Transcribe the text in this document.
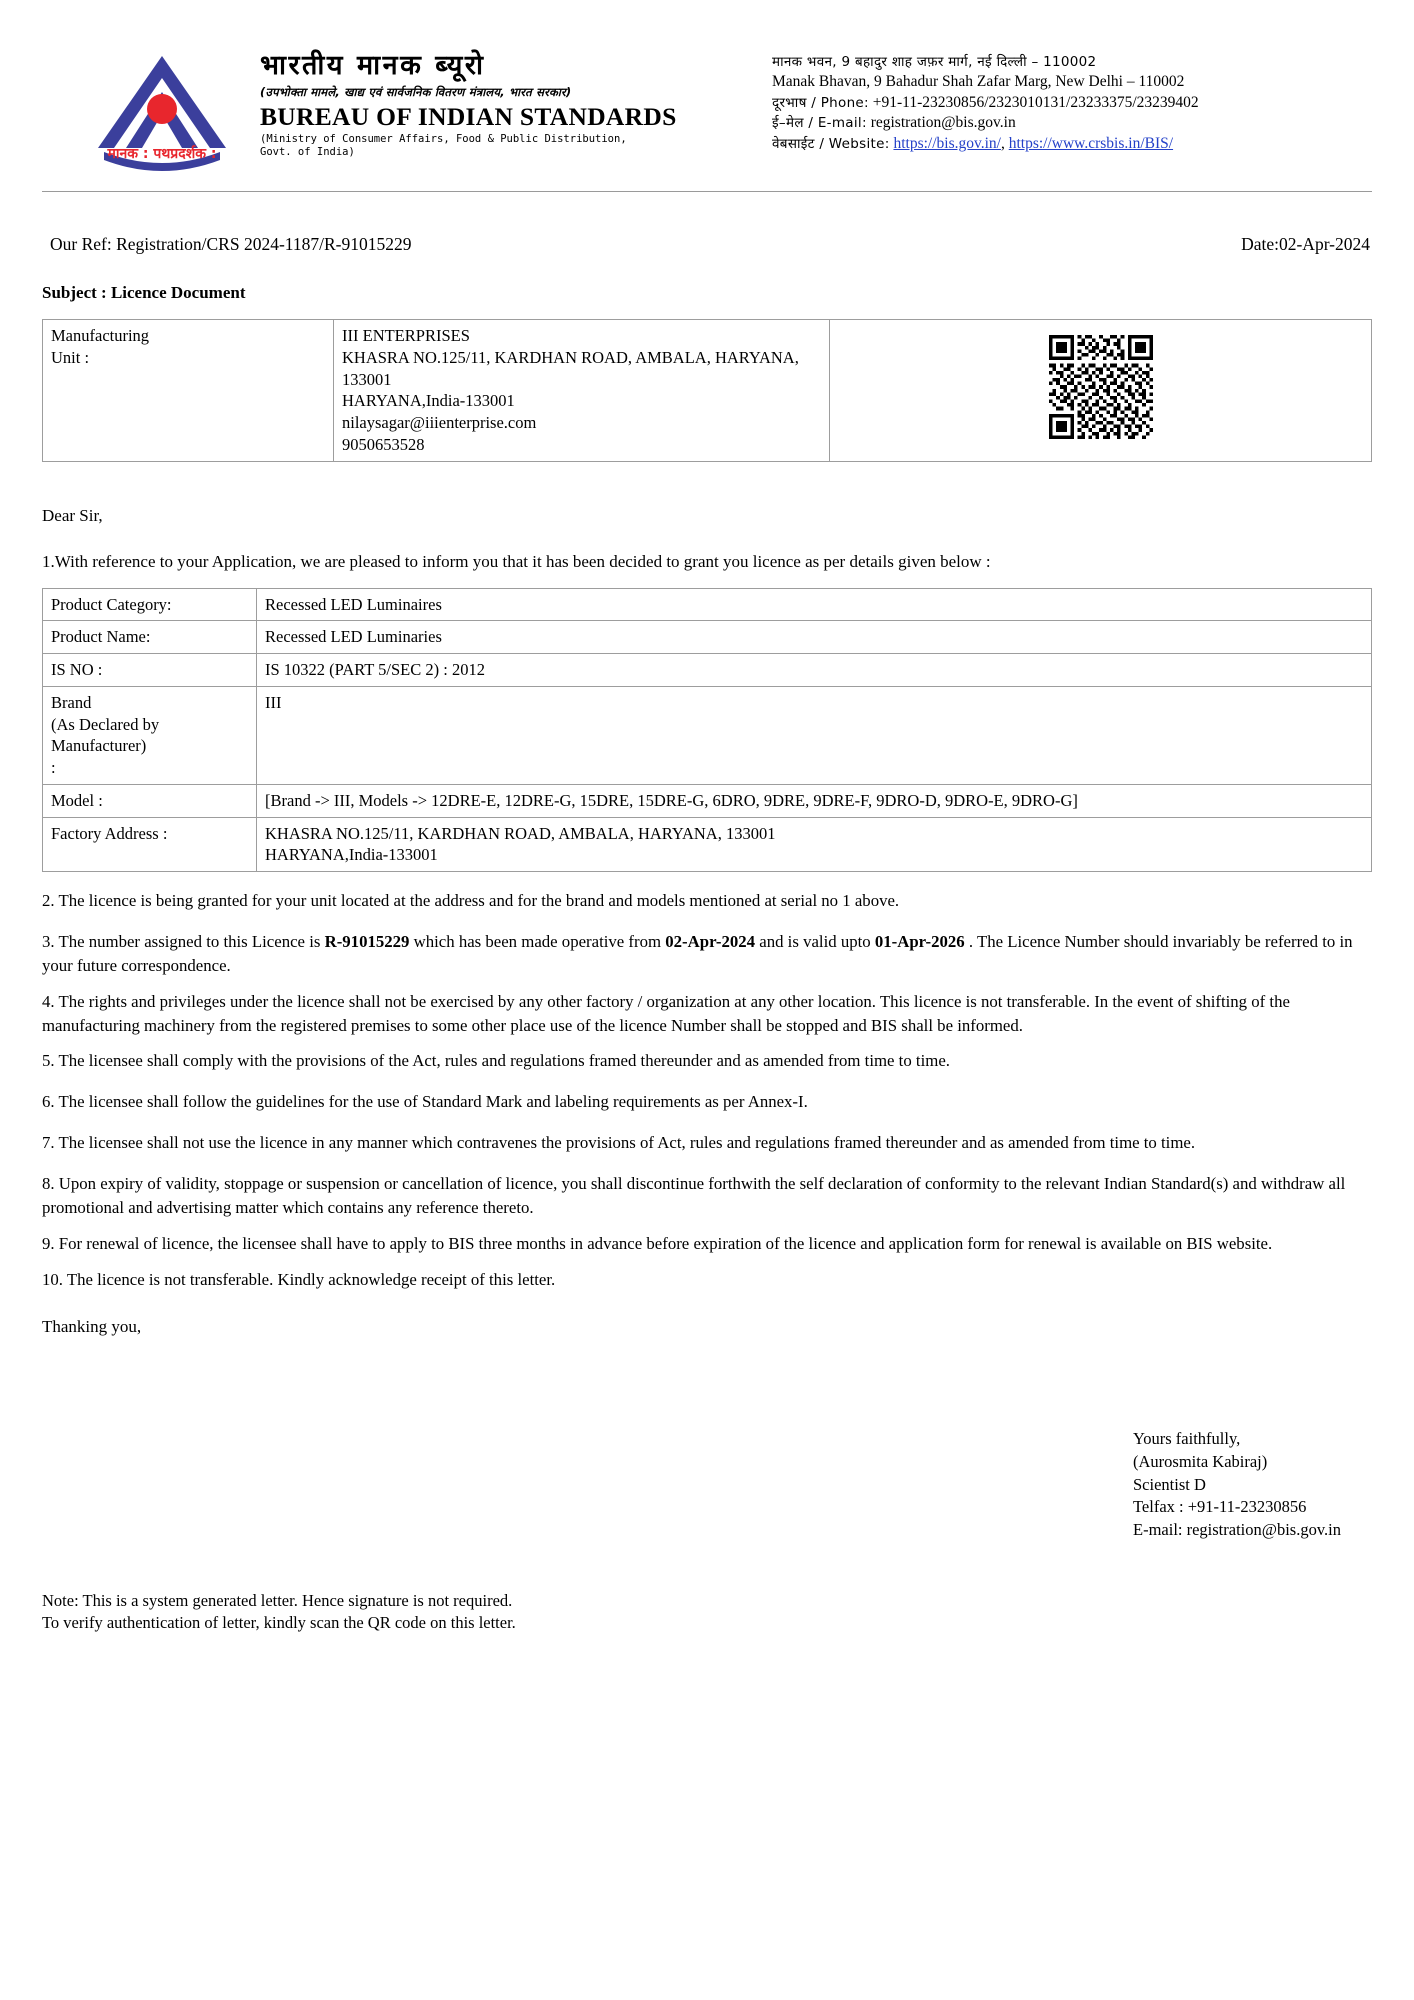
मानक : पथप्रदर्शक :
भारतीय मानक ब्यूरो
(उपभोक्ता मामले, खाद्य एवं सार्वजनिक वितरण मंत्रालय, भारत सरकार)
BUREAU OF INDIAN STANDARDS
(Ministry of Consumer Affairs, Food & Public Distribution,
Govt. of India)
मानक भवन, 9 बहादुर शाह जफ़र मार्ग, नई दिल्ली – 110002
Manak Bhavan, 9 Bahadur Shah Zafar Marg, New Delhi – 110002
दूरभाष / Phone: +91-11-23230856/2323010131/23233375/23239402
ई–मेल / E-mail: registration@bis.gov.in
वेबसाईट / Website: https://bis.gov.in/, https://www.crsbis.in/BIS/
Our Ref: Registration/CRS 2024-1187/R-91015229	Date:02-Apr-2024
Subject : Licence Document
Manufacturing
Unit :

III ENTERPRISES
KHASRA NO.125/11, KARDHAN ROAD, AMBALA, HARYANA, 133001
HARYANA,India-133001
nilaysagar@iiienterprise.com
9050653528

Dear Sir,
1.With reference to your Application, we are pleased to inform you that it has been decided to grant you licence as per details given below :
Product Category:	Recessed LED Luminaires
Product Name:	Recessed LED Luminaries
IS NO :	IS 10322 (PART 5/SEC 2) : 2012

Brand
(As Declared by Manufacturer)
:	III
Model :	[Brand -> III, Models -> 12DRE-E, 12DRE-G, 15DRE, 15DRE-G, 6DRO, 9DRE, 9DRE-F, 9DRO-D, 9DRO-E, 9DRO-G]
Factory Address :	KHASRA NO.125/11, KARDHAN ROAD, AMBALA, HARYANA, 133001
HARYANA,India-133001
2. The licence is being granted for your unit located at the address and for the brand and models mentioned at serial no 1 above.
3. The number assigned to this Licence is R-91015229 which has been made operative from 02-Apr-2024 and is valid upto 01-Apr-2026 . The Licence Number should invariably be referred to in your future correspondence.
4. The rights and privileges under the licence shall not be exercised by any other factory / organization at any other location. This licence is not transferable. In the event of shifting of the manufacturing machinery from the registered premises to some other place use of the licence Number shall be stopped and BIS shall be informed.
5. The licensee shall comply with the provisions of the Act, rules and regulations framed thereunder and as amended from time to time.
6. The licensee shall follow the guidelines for the use of Standard Mark and labeling requirements as per Annex-I.
7. The licensee shall not use the licence in any manner which contravenes the provisions of Act, rules and regulations framed thereunder and as amended from time to time.
8. Upon expiry of validity, stoppage or suspension or cancellation of licence, you shall discontinue forthwith the self declaration of conformity to the relevant Indian Standard(s) and withdraw all promotional and advertising matter which contains any reference thereto.
9. For renewal of licence, the licensee shall have to apply to BIS three months in advance before expiration of the licence and application form for renewal is available on BIS website.
10. The licence is not transferable. Kindly acknowledge receipt of this letter.
Thanking you,
Yours faithfully,
(Aurosmita Kabiraj)
Scientist D
Telfax : +91-11-23230856
E-mail: registration@bis.gov.in
Note: This is a system generated letter. Hence signature is not required.
To verify authentication of letter, kindly scan the QR code on this letter.
